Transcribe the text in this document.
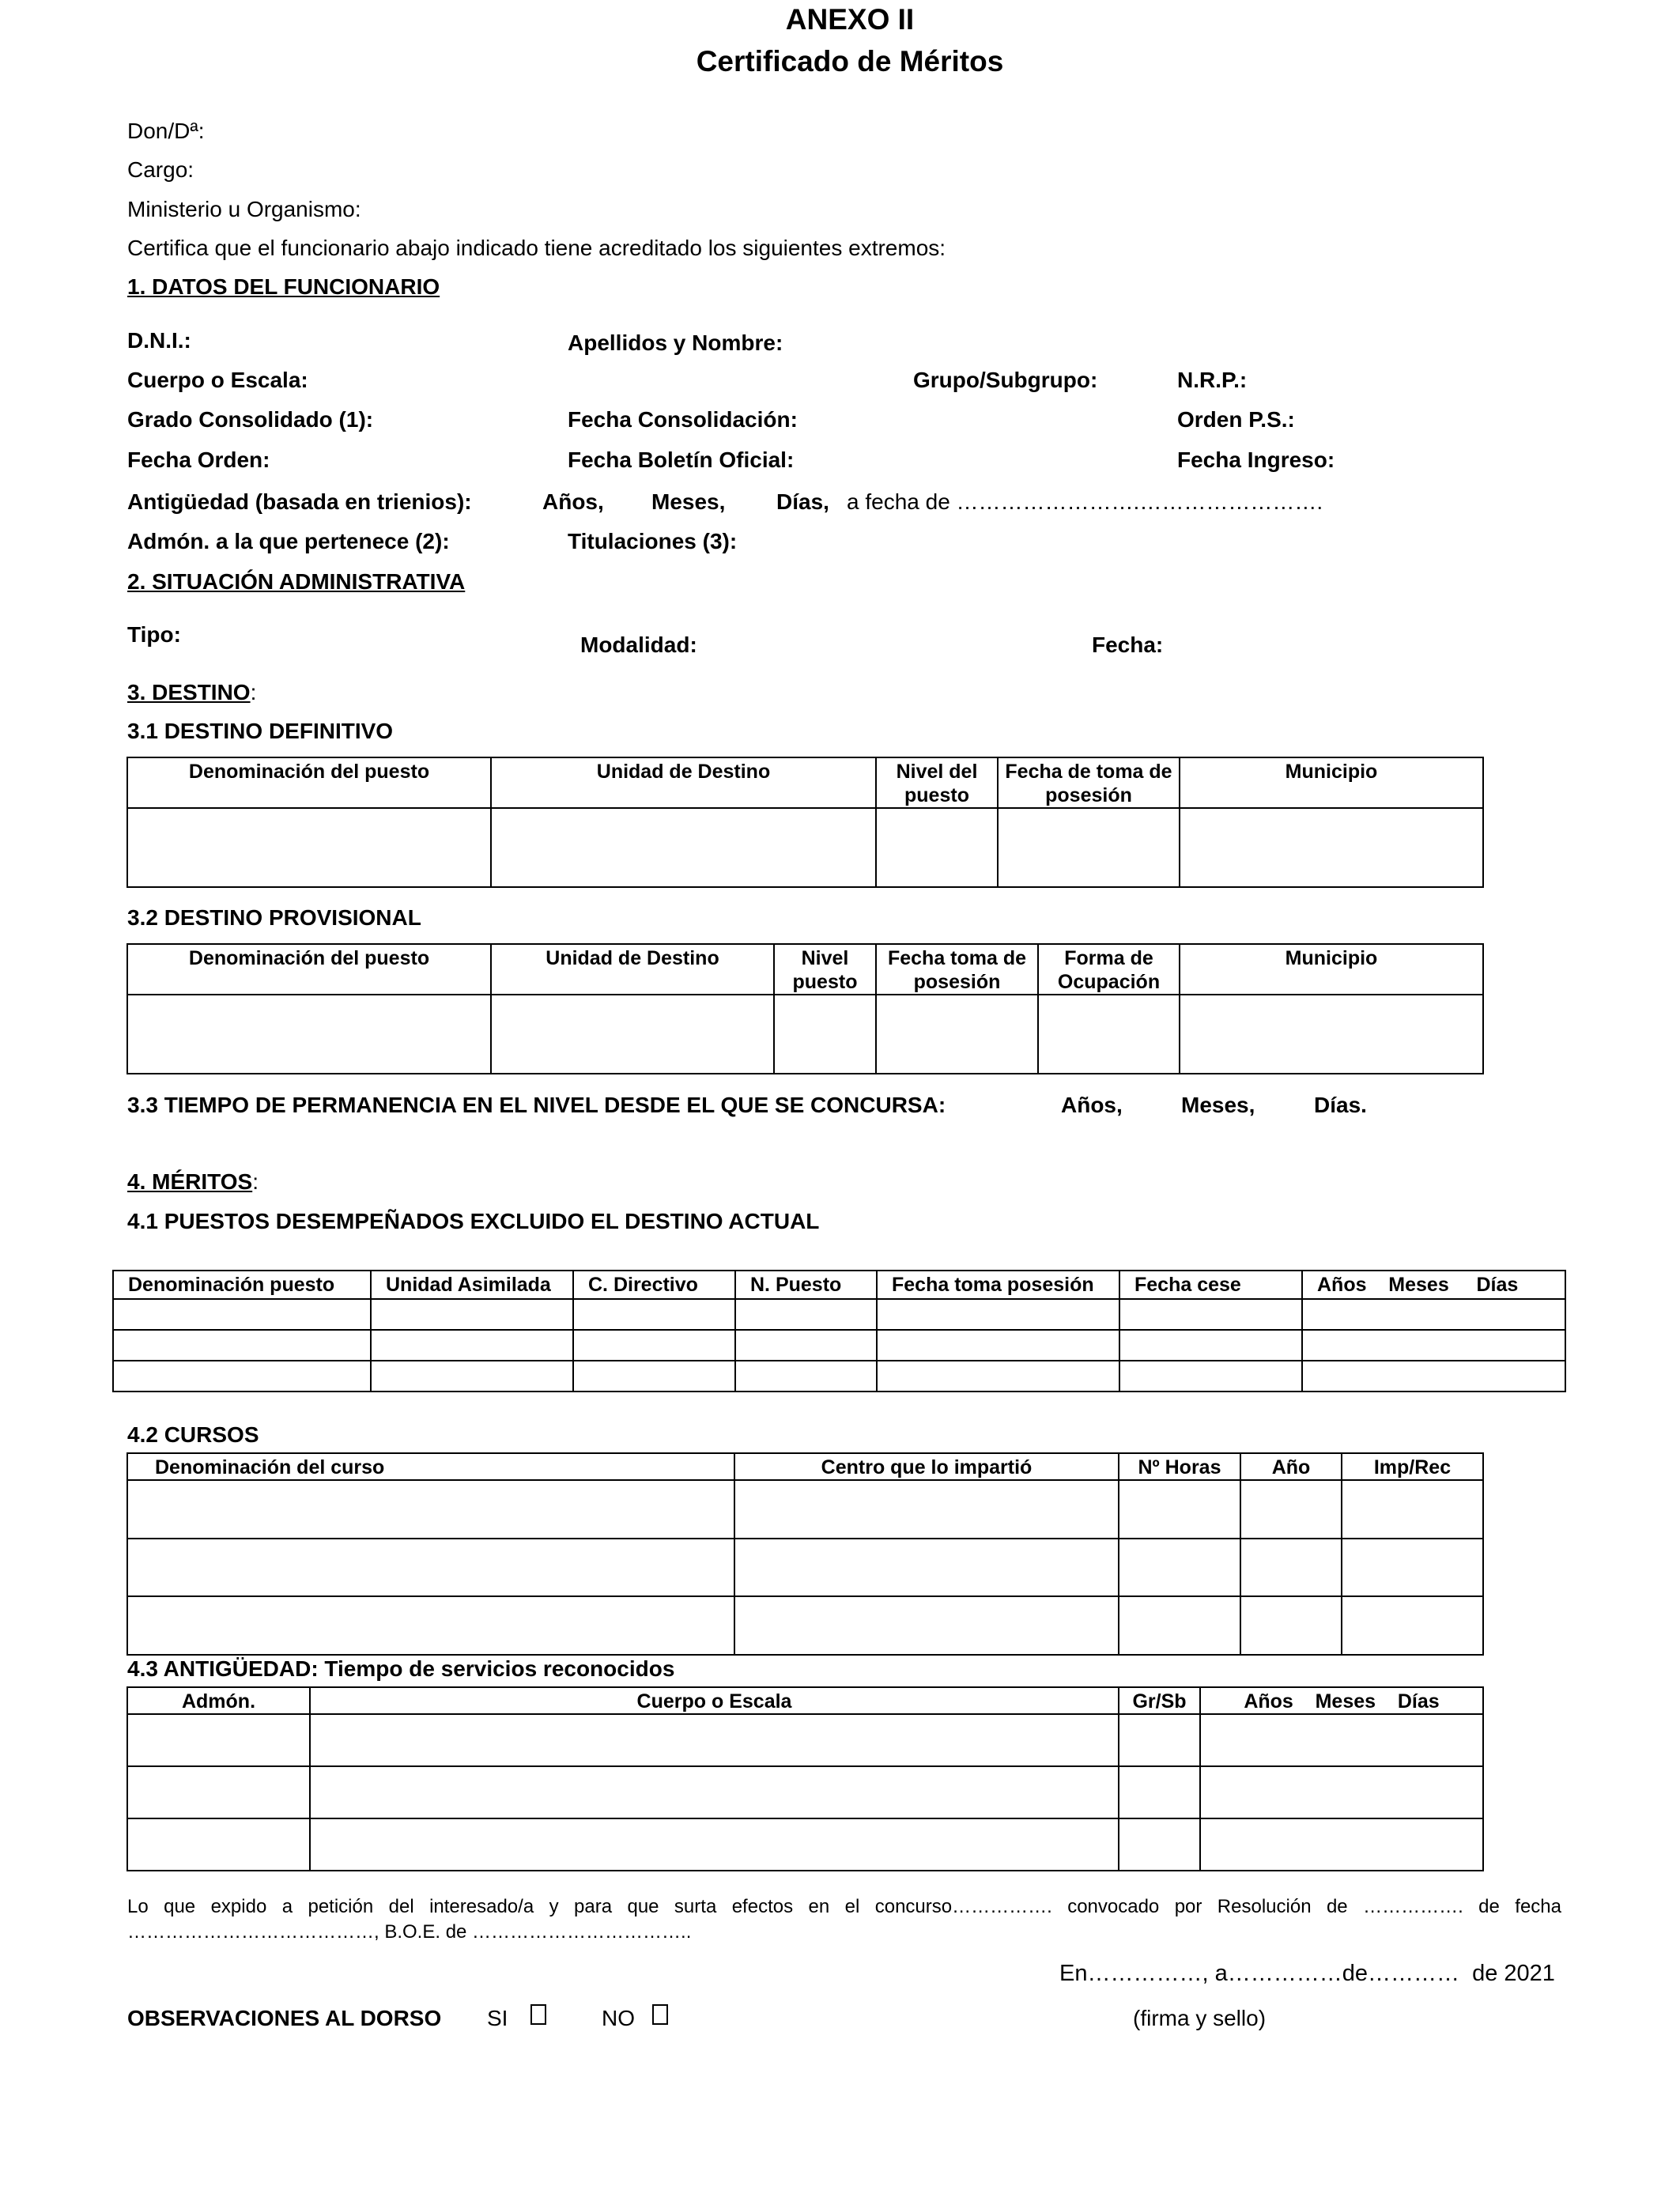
ANEXO II
Certificado de Méritos
Don/Dª:
Cargo:
Ministerio u Organismo:
Certifica que el funcionario abajo indicado tiene acreditado los siguientes extremos:
1. DATOS DEL FUNCIONARIO
D.N.I.:	Apellidos y Nombre:
Cuerpo o Escala:	Grupo/Subgrupo:	N.R.P.:
Grado Consolidado (1):	Fecha Consolidación:	Orden P.S.:
Fecha Orden:	Fecha Boletín Oficial:	Fecha Ingreso:
Antigüedad (basada en trienios):	Años, Meses, Días, a fecha de …………………….…………………….
Admón. a la que pertenece (2):	Titulaciones (3):
2. SITUACIÓN ADMINISTRATIVA
Tipo:	Modalidad:	Fecha:
3. DESTINO:
3.1 DESTINO DEFINITIVO
Denominación del puesto	Unidad de Destino	Nivel del puesto	Fecha de toma de posesión	Municipio

3.2 DESTINO PROVISIONAL
Denominación del puesto	Unidad de Destino	Nivel puesto	Fecha toma de posesión	Forma de Ocupación	Municipio

3.3 TIEMPO DE PERMANENCIA EN EL NIVEL DESDE EL QUE SE CONCURSA:	Años,	Meses,	Días.
4. MÉRITOS:
4.1 PUESTOS DESEMPEÑADOS EXCLUIDO EL DESTINO ACTUAL
Denominación puesto	Unidad Asimilada	C. Directivo	N. Puesto	Fecha toma posesión	Fecha cese	Años    Meses     Días

4.2 CURSOS
Denominación del curso	Centro que lo impartió	Nº Horas	Año	Imp/Rec

4.3 ANTIGÜEDAD: Tiempo de servicios reconocidos
Admón.	Cuerpo o Escala	Gr/Sb	Años    Meses    Días

Lo que expido a petición del interesado/a y para que surta efectos en el concurso……………. convocado por Resolución de ……………. de fecha
…………………………………, B.O.E. de ……………………………..
En……………, a……………de…………  de 2021
OBSERVACIONES AL DORSO SI	NO	(firma y sello)
